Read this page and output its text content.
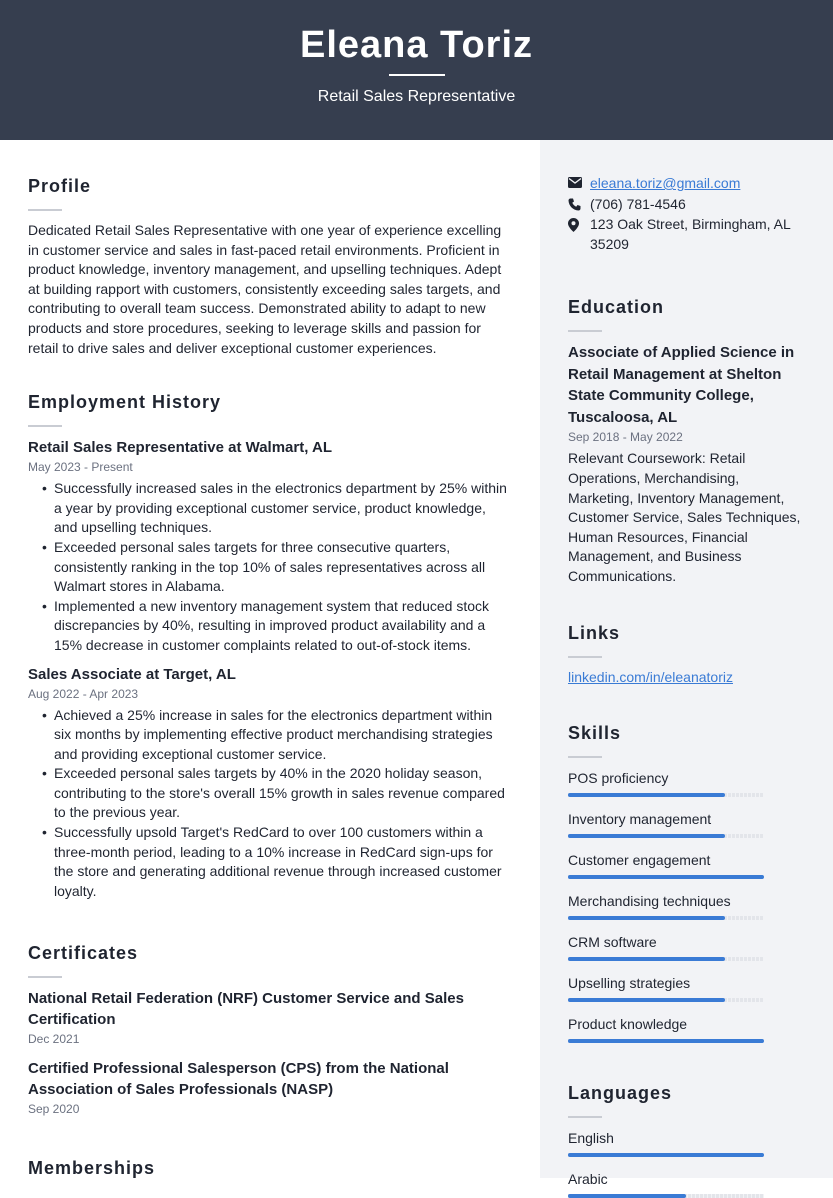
Eleana Toriz
Retail Sales Representative
Profile
Dedicated Retail Sales Representative with one year of experience excelling in customer service and sales in fast-paced retail environments. Proficient in product knowledge, inventory management, and upselling techniques. Adept at building rapport with customers, consistently exceeding sales targets, and contributing to overall team success. Demonstrated ability to adapt to new products and store procedures, seeking to leverage skills and passion for retail to drive sales and deliver exceptional customer experiences.
Employment History
Retail Sales Representative at Walmart, AL
May 2023 - Present
• Successfully increased sales in the electronics department by 25% within a year by providing exceptional customer service, product knowledge, and upselling techniques.
• Exceeded personal sales targets for three consecutive quarters, consistently ranking in the top 10% of sales representatives across all Walmart stores in Alabama.
• Implemented a new inventory management system that reduced stock discrepancies by 40%, resulting in improved product availability and a 15% decrease in customer complaints related to out-of-stock items.
Sales Associate at Target, AL
Aug 2022 - Apr 2023
• Achieved a 25% increase in sales for the electronics department within six months by implementing effective product merchandising strategies and providing exceptional customer service.
• Exceeded personal sales targets by 40% in the 2020 holiday season, contributing to the store's overall 15% growth in sales revenue compared to the previous year.
• Successfully upsold Target's RedCard to over 100 customers within a three-month period, leading to a 10% increase in RedCard sign-ups for the store and generating additional revenue through increased customer loyalty.
Certificates
National Retail Federation (NRF) Customer Service and Sales Certification
Dec 2021
Certified Professional Salesperson (CPS) from the National Association of Sales Professionals (NASP)
Sep 2020
Memberships
eleana.toriz@gmail.com
(706) 781-4546
123 Oak Street, Birmingham, AL 35209
Education
Associate of Applied Science in Retail Management at Shelton State Community College, Tuscaloosa, AL
Sep 2018 - May 2022
Relevant Coursework: Retail Operations, Merchandising, Marketing, Inventory Management, Customer Service, Sales Techniques, Human Resources, Financial Management, and Business Communications.
Links
linkedin.com/in/eleanatoriz
Skills
POS proficiency
Inventory management
Customer engagement
Merchandising techniques
CRM software
Upselling strategies
Product knowledge
Languages
English
Arabic
